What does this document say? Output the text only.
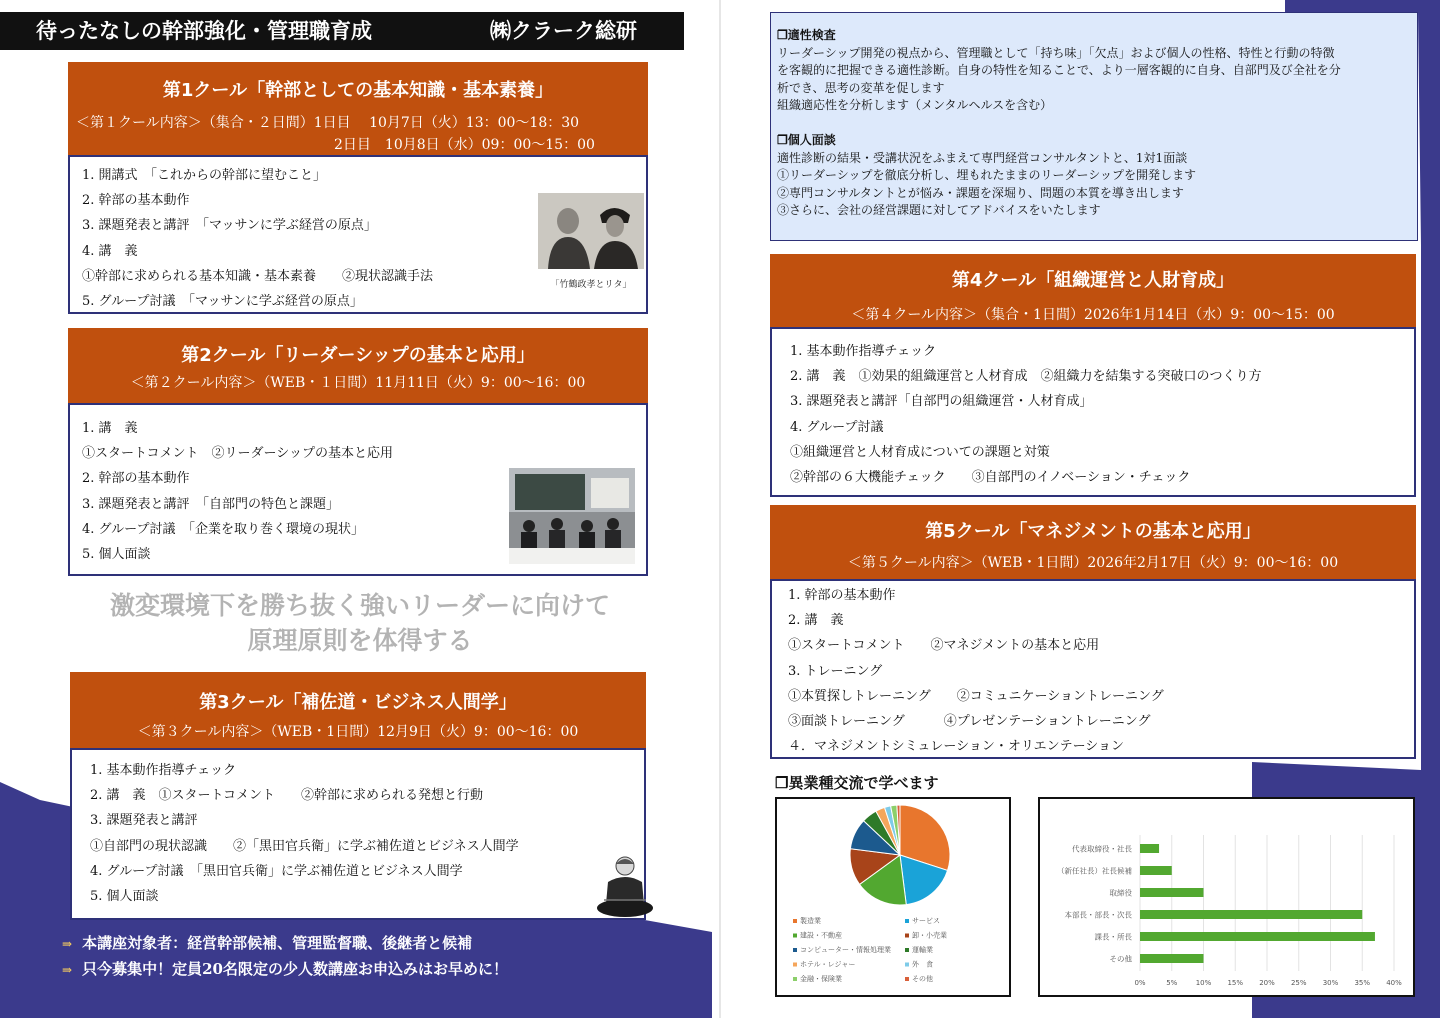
待ったなしの幹部強化・管理職育成	㈱クラーク総研
第1クール「幹部としての基本知識・基本素養」
＜第１クール内容＞（集合・２日間）1日目　 10月7日（火）13：00～18：30
2日目　10月8日（水）09：00～15：00
1. 開講式　「これからの幹部に望むこと」
2. 幹部の基本動作
3. 課題発表と講評　「マッサンに学ぶ経営の原点」
4. 講　義
①幹部に求められる基本知識・基本素養　　②現状認識手法
5. グループ討議　「マッサンに学ぶ経営の原点」
「竹鶴政孝とリタ」
第2クール「リーダーシップの基本と応用」
＜第２クール内容＞（WEB・１日間）11月11日（火）9：00～16：00
1. 講　義
①スタートコメント　②リーダーシップの基本と応用
2. 幹部の基本動作
3. 課題発表と講評　「自部門の特色と課題」
4. グループ討議　「企業を取り巻く環境の現状」
5. 個人面談
激変環境下を勝ち抜く強いリーダーに向けて
原理原則を体得する
第3クール「補佐道・ビジネス人間学」
＜第３クール内容＞（WEB・1日間）12月9日（火）9：00～16：00
1. 基本動作指導チェック
2. 講　義　①スタートコメント　　②幹部に求められる発想と行動
3. 課題発表と講評
①自部門の現状認識　　②「黒田官兵衛」に学ぶ補佐道とビジネス人間学
4. グループ討議　「黒田官兵衛」に学ぶ補佐道とビジネス人間学
5. 個人面談
⇒ 本講座対象者：経営幹部候補、管理監督職、後継者と候補
⇒ 只今募集中！定員20名限定の少人数講座お申込みはお早めに！
❐適性検査
リーダーシップ開発の視点から、管理職として「持ち味」「欠点」および個人の性格、特性と行動の特徴
を客観的に把握できる適性診断。自身の特性を知ることで、より一層客観的に自身、自部門及び全社を分
析でき、思考の変革を促します
組織適応性を分析します（メンタルヘルスを含む）
❐個人面談
適性診断の結果・受講状況をふまえて専門経営コンサルタントと、1対1面談
①リーダーシップを徹底分析し、埋もれたままのリーダーシップを開発します
②専門コンサルタントとが悩み・課題を深堀り、問題の本質を導き出します
③さらに、会社の経営課題に対してアドバイスをいたします
第4クール「組織運営と人財育成」
＜第４クール内容＞（集合・1日間）2026年1月14日（水）9：00～15：00
1. 基本動作指導チェック
2. 講　義　①効果的組織運営と人材育成　②組織力を結集する突破口のつくり方
3. 課題発表と講評「自部門の組織運営・人材育成」
4. グループ討議
①組織運営と人材育成についての課題と対策
②幹部の６大機能チェック　　③自部門のイノベーション・チェック
第5クール「マネジメントの基本と応用」
＜第５クール内容＞（WEB・1日間）2026年2月17日（火）9：00～16：00
1. 幹部の基本動作
2. 講　義
①スタートコメント　　②マネジメントの基本と応用
3. トレーニング
①本質探しトレーニング　　②コミュニケーショントレーニング
③面談トレーニング　　　④プレゼンテーショントレーニング
４．マネジメントシミュレーション・オリエンテーション
❐異業種交流で学べます
製造業	サービス
建設・不動産	卸・小売業
コンピューター・情報処理業	運輸業
ホテル・レジャー	外　食
金融・保険業	その他	0%	5%	10% 15% 20% 25% 30% 35% 40%
代表取締役・社長
（新任社長）社長候補
取締役
本部長・部長・次長
課長・所長
その他
